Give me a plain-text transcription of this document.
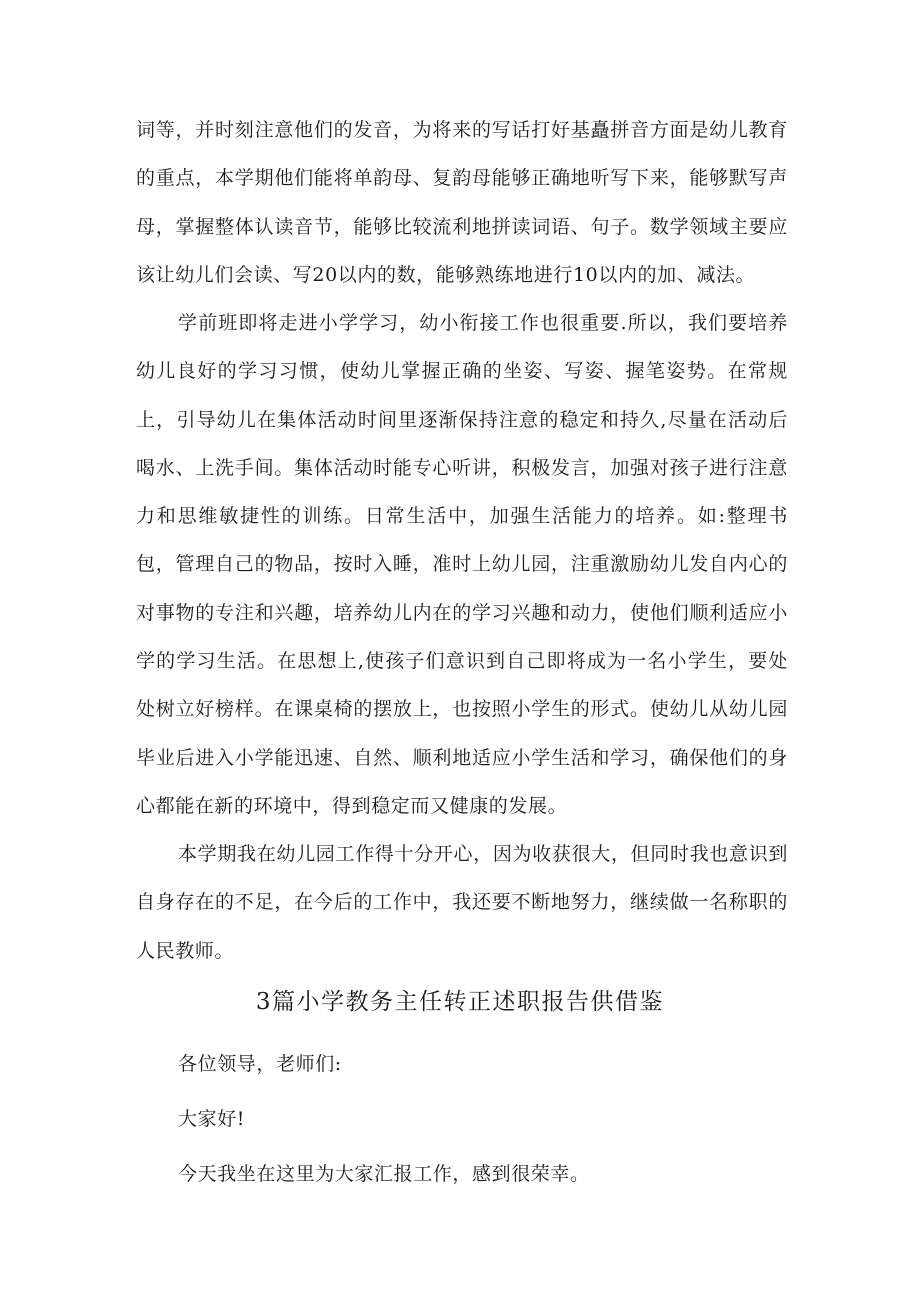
词等，并时刻注意他们的发音，为将来的写话打好基矗拼音方面是幼儿教育的重点，本学期他们能将单韵母、复韵母能够正确地听写下来，能够默写声母，掌握整体认读音节，能够比较流利地拼读词语、句子。数学领域主要应该让幼儿们会读、写20以内的数，能够熟练地进行10以内的加、减法。

学前班即将走进小学学习，幼小衔接工作也很重要.所以，我们要培养幼儿良好的学习习惯，使幼儿掌握正确的坐姿、写姿、握笔姿势。在常规上，引导幼儿在集体活动时间里逐渐保持注意的稳定和持久,尽量在活动后喝水、上洗手间。集体活动时能专心听讲，积极发言，加强对孩子进行注意力和思维敏捷性的训练。日常生活中，加强生活能力的培养。如:整理书包，管理自己的物品，按时入睡，准时上幼儿园，注重激励幼儿发自内心的对事物的专注和兴趣，培养幼儿内在的学习兴趣和动力，使他们顺利适应小学的学习生活。在思想上,使孩子们意识到自己即将成为一名小学生，要处处树立好榜样。在课桌椅的摆放上，也按照小学生的形式。使幼儿从幼儿园毕业后进入小学能迅速、自然、顺利地适应小学生活和学习，确保他们的身心都能在新的环境中，得到稳定而又健康的发展。

本学期我在幼儿园工作得十分开心，因为收获很大，但同时我也意识到自身存在的不足，在今后的工作中，我还要不断地努力，继续做一名称职的人民教师。

3篇小学教务主任转正述职报告供借鉴

各位领导，老师们:

大家好!

今天我坐在这里为大家汇报工作，感到很荣幸。
